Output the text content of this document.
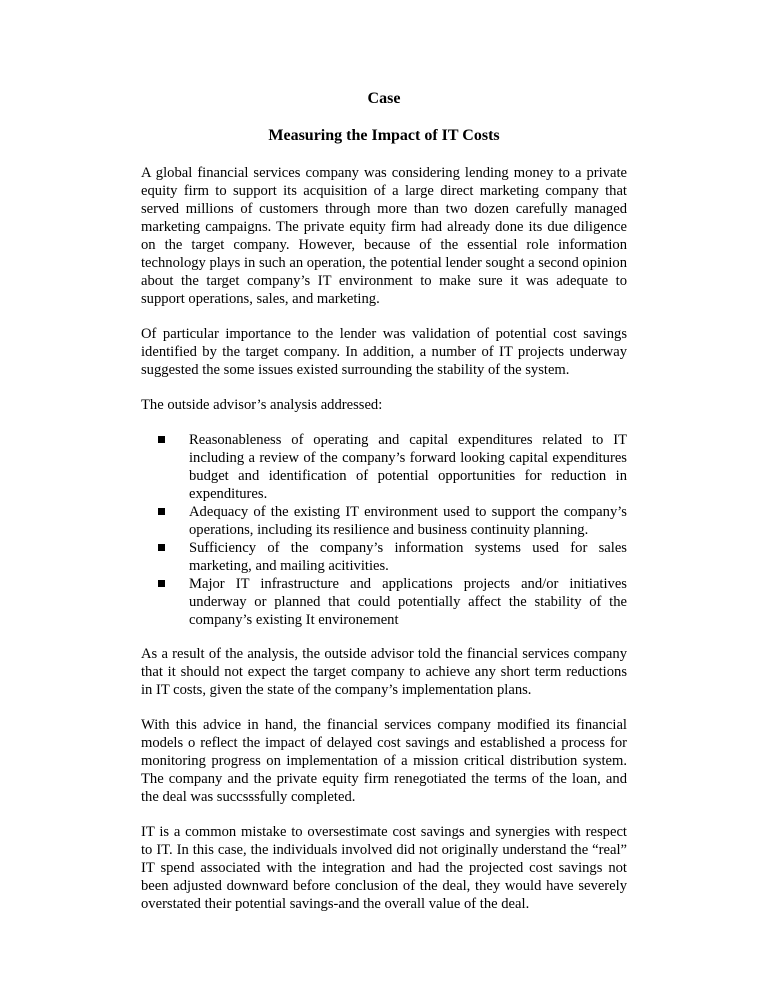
Case

Measuring the Impact of IT Costs

A global financial services company was considering lending money to a private equity firm to support its acquisition of a large direct marketing company that served millions of customers through more than two dozen carefully managed marketing campaigns. The private equity firm had already done its due diligence on the target company. However, because of the essential role information technology plays in such an operation, the potential lender sought a second opinion about the target company’s IT environment to make sure it was adequate to support operations, sales, and marketing.

Of particular importance to the lender was validation of potential cost savings identified by the target company. In addition, a number of IT projects underway suggested the some issues existed surrounding the stability of the system.

The outside advisor’s analysis addressed:

Reasonableness of operating and capital expenditures related to IT including a review of the company’s forward looking capital expenditures budget and identification of potential opportunities for reduction in expenditures.
Adequacy of the existing IT environment used to support the company’s operations, including its resilience and business continuity planning.
Sufficiency of the company’s information systems used for sales marketing, and mailing acitivities.
Major IT infrastructure and applications projects and/or initiatives underway or planned that could potentially affect the stability of the company’s existing It environement

As a result of the analysis, the outside advisor told the financial services company that it should not expect the target company to achieve any short term reductions in IT costs, given the state of the company’s implementation plans.

With this advice in hand, the financial services company modified its financial models o reflect the impact of delayed cost savings and established a process for monitoring progress on implementation of a mission critical distribution system. The company and the private equity firm renegotiated the terms of the loan, and the deal was succsssfully completed.

IT is a common mistake to oversestimate cost savings and synergies with respect to IT. In this case, the individuals involved did not originally understand the “real” IT spend associated with the integration and had the projected cost savings not been adjusted downward before conclusion of the deal, they would have severely overstated their potential savings-and the overall value of the deal.
